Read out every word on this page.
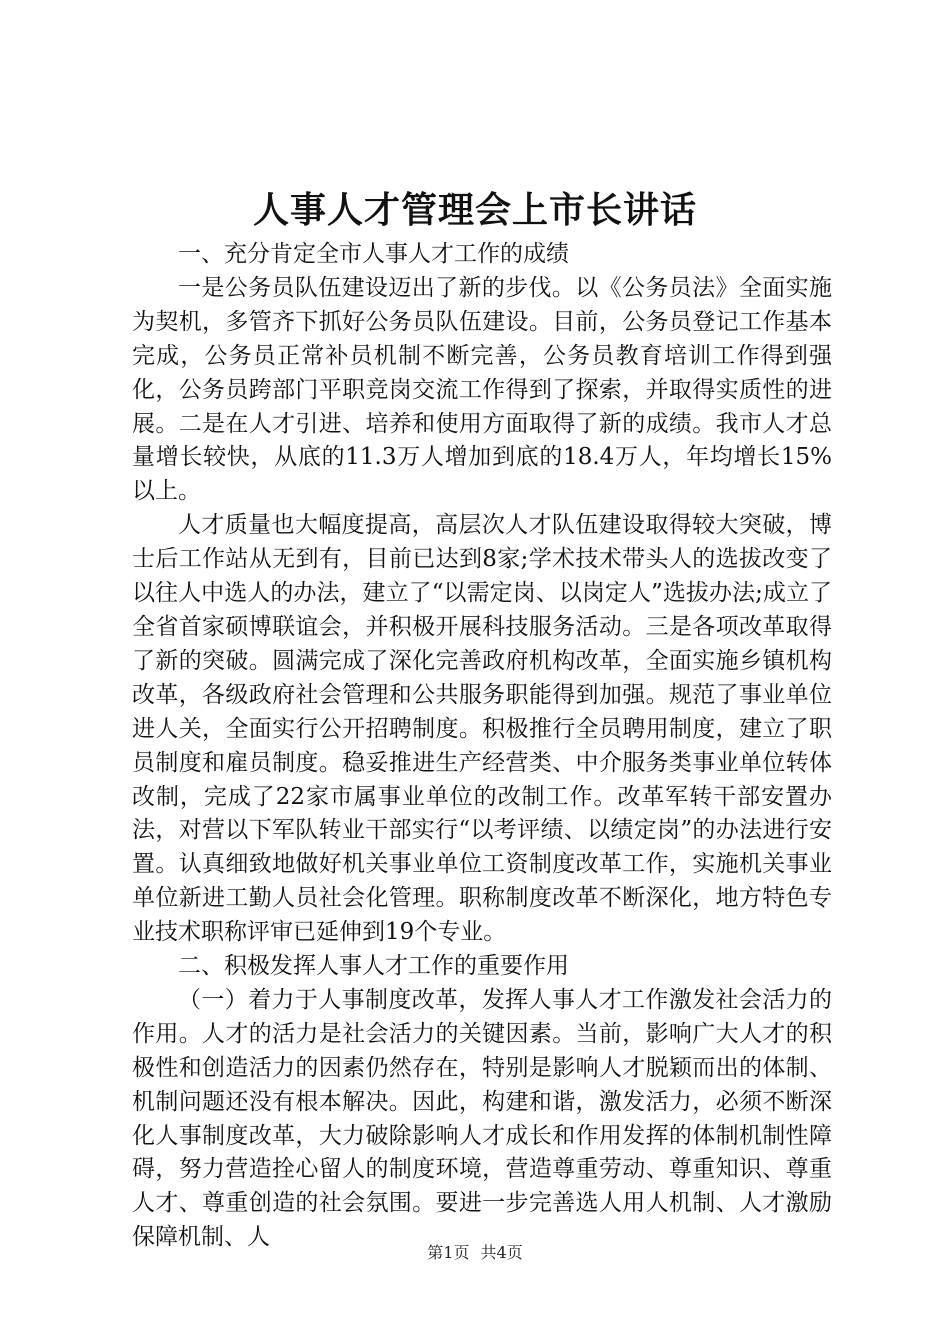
人事人才管理会上市长讲话

一、充分肯定全市人事人才工作的成绩

一是公务员队伍建设迈出了新的步伐。以《公务员法》全面实施为契机，多管齐下抓好公务员队伍建设。目前，公务员登记工作基本完成，公务员正常补员机制不断完善，公务员教育培训工作得到强化，公务员跨部门平职竞岗交流工作得到了探索，并取得实质性的进展。二是在人才引进、培养和使用方面取得了新的成绩。我市人才总量增长较快，从底的11.3万人增加到底的18.4万人，年均增长15%以上。

人才质量也大幅度提高，高层次人才队伍建设取得较大突破，博士后工作站从无到有，目前已达到8家;学术技术带头人的选拔改变了以往人中选人的办法，建立了“以需定岗、以岗定人”选拔办法;成立了全省首家硕博联谊会，并积极开展科技服务活动。三是各项改革取得了新的突破。圆满完成了深化完善政府机构改革，全面实施乡镇机构改革，各级政府社会管理和公共服务职能得到加强。规范了事业单位进人关，全面实行公开招聘制度。积极推行全员聘用制度，建立了职员制度和雇员制度。稳妥推进生产经营类、中介服务类事业单位转体改制，完成了22家市属事业单位的改制工作。改革军转干部安置办法，对营以下军队转业干部实行“以考评绩、以绩定岗”的办法进行安置。认真细致地做好机关事业单位工资制度改革工作，实施机关事业单位新进工勤人员社会化管理。职称制度改革不断深化，地方特色专业技术职称评审已延伸到19个专业。

二、积极发挥人事人才工作的重要作用

（一）着力于人事制度改革，发挥人事人才工作激发社会活力的作用。人才的活力是社会活力的关键因素。当前，影响广大人才的积极性和创造活力的因素仍然存在，特别是影响人才脱颖而出的体制、机制问题还没有根本解决。因此，构建和谐，激发活力，必须不断深化人事制度改革，大力破除影响人才成长和作用发挥的体制机制性障碍，努力营造拴心留人的制度环境，营造尊重劳动、尊重知识、尊重人才、尊重创造的社会氛围。要进一步完善选人用人机制、人才激励保障机制、人

第1页 共4页
